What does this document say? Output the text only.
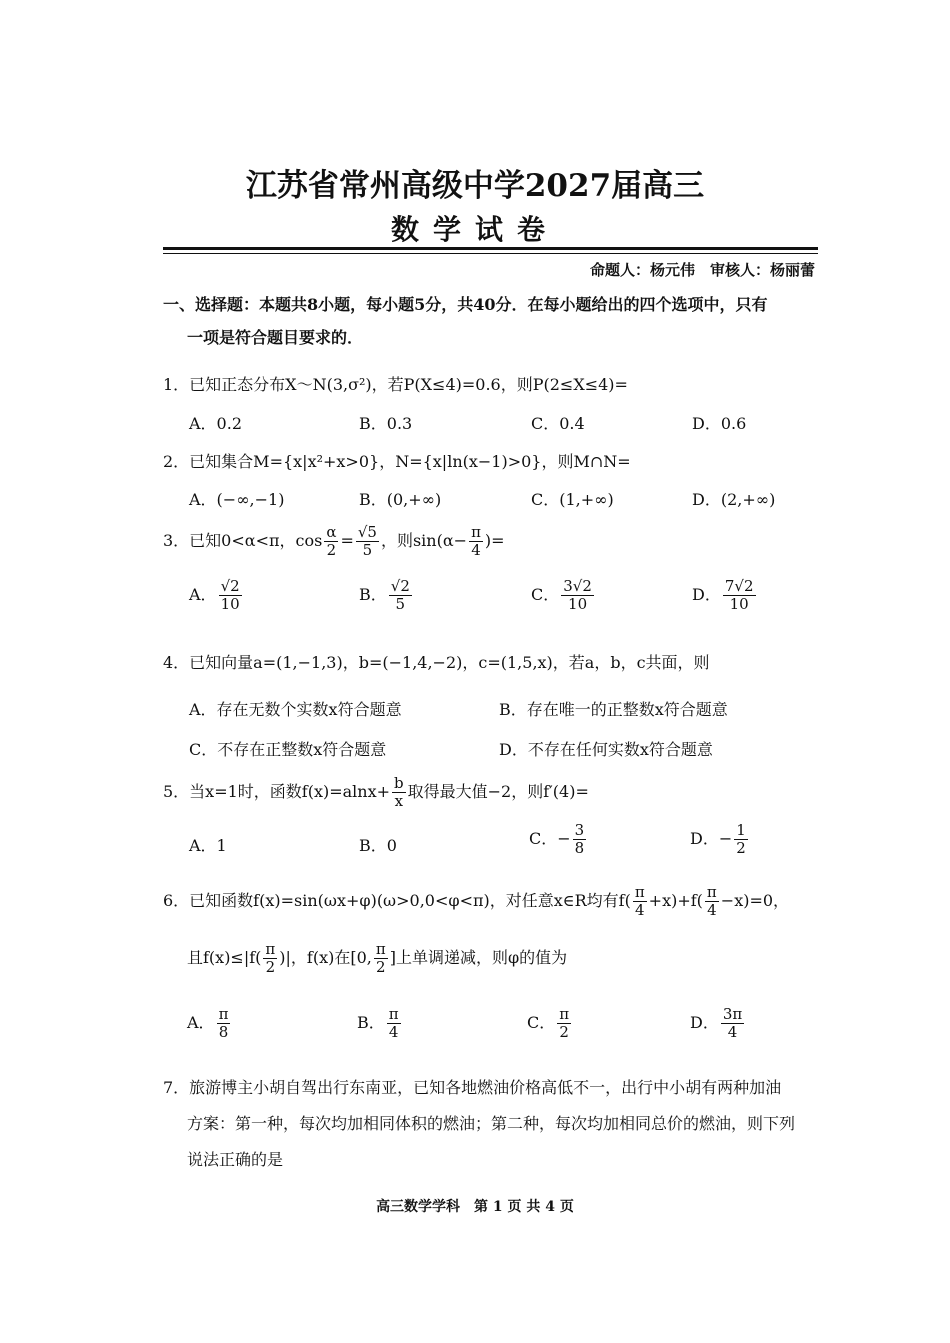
江苏省常州高级中学2027届高三
数学试卷
命题人：杨元伟　审核人：杨丽蕾
一、选择题：本题共8小题，每小题5分，共40分．在每小题给出的四个选项中，只有
一项是符合题目要求的．
1．已知正态分布X～N(3,σ²)，若P(X≤4)=0.6，则P(2≤X≤4)=
A．0.2	B．0.3	C．0.4	D．0.6
2．已知集合M={x|x²+x>0}，N={x|ln(x−1)>0}，则M∩N=
A．(−∞,−1)	B．(0,+∞)	C．(1,+∞)	D．(2,+∞)
3．已知0<α<π，$\cos \frac{\alpha}{2} = \frac{√5}{5}$ ，则$\sin(\alpha- \frac{\pi}{4}$ )=
A． $\frac{√2}{10}$	B． $\frac{√2}{5}$	C． $\frac{3√2}{10}$	D． $\frac{7√2}{10}$
4．已知向量a=(1,−1,3)，b=(−1,4,−2)，c=(1,5,x)，若a，b，c共面，则
A．存在无数个实数x符合题意	B．存在唯一的正整数x符合题意
C．不存在正整数x符合题意	D．不存在任何实数x符合题意
5．当x=1时，函数$f(x)=alnx+ \frac{b}{x}$ 取得最大值−2，则f′(4)=
A．1	B．0	C．− $\frac{3}{8}$	D．− $\frac{1}{2}$
6．已知函数f(x)=sin(ωx+φ)(ω>0,0<φ<π)，对任意x∈R均有$f( \frac{\pi}{4} +x)+f( \frac{\pi}{4} -x)=0$，
且$f(x)\le|f( \frac{\pi}{2}$ )|，f(x)在[0, $\frac{\pi}{2}$ ]上单调递减，则φ的值为
A． $\frac{\pi}{8}$	B． $\frac{\pi}{4}$	C． $\frac{\pi}{2}$	D． $\frac{3\pi}{4}$
7．旅游博主小胡自驾出行东南亚，已知各地燃油价格高低不一，出行中小胡有两种加油
方案：第一种，每次均加相同体积的燃油；第二种，每次均加相同总价的燃油，则下列
说法正确的是
高三数学学科　第 1 页 共 4 页
